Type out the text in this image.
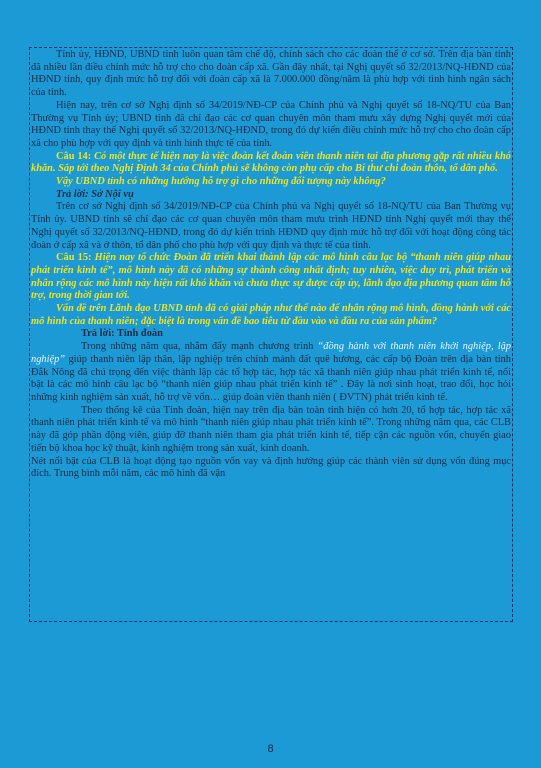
Tỉnh ủy, HĐND, UBND tỉnh luôn quan tâm chế độ, chính sách cho các đoàn thể ở cơ sở. Trên địa bàn tỉnh đã nhiều lần điều chỉnh mức hỗ trợ cho cho đoàn cấp xã. Gần đây nhất, tại Nghị quyết số 32/2013/NQ-HĐND của HĐND tỉnh, quy định mức hỗ trợ đối với đoàn cấp xã là 7.000.000 đồng/năm là phù hợp với tình hình ngân sách của tỉnh.

Hiện nay, trên cơ sở Nghị định số 34/2019/NĐ-CP của Chính phủ và Nghị quyết số 18-NQ/TU của Ban Thường vụ Tỉnh ủy; UBND tỉnh đã chỉ đạo các cơ quan chuyên môn tham mưu xây dựng Nghị quyết mới của HĐND tỉnh thay thế Nghị quyết số 32/2013/NQ-HĐND, trong đó dự kiến điều chỉnh mức hỗ trợ cho cho đoàn cấp xã cho phù hợp với quy định và tình hình thực tế của tỉnh.

Câu 14: Có một thực tế hiện nay là việc đoàn kết đoàn viên thanh niên tại địa phương gặp rất nhiều khó khăn. Sắp tới theo Nghị Định 34 của Chính phủ sẽ không còn phụ cấp cho Bí thư chi đoàn thôn, tổ dân phố.

Vậy UBND tỉnh có những hướng hỗ trợ gì cho những đối tượng này không?

Trả lời: Sở Nội vụ

Trên cơ sở Nghị định số 34/2019/NĐ-CP của Chính phủ và Nghị quyết số 18-NQ/TU của Ban Thường vụ Tỉnh ủy. UBND tỉnh sẽ chỉ đạo các cơ quan chuyên môn tham mưu trình HĐND tỉnh Nghị quyết mới thay thế Nghị quyết số 32/2013/NQ-HĐND, trong đó dự kiến trình HĐND quy định mức hỗ trợ đối với hoạt động công tác đoàn ở cấp xã và ở thôn, tổ dân phố cho phù hợp với quy định và thực tế của tỉnh.

Câu 15: Hiện nay tổ chức Đoàn đã triển khai thành lập các mô hình câu lạc bộ “thanh niên giúp nhau phát triển kinh tế”, mô hình này đã có những sự thành công nhất định; tuy nhiên, việc duy trì, phát triển và nhân rộng các mô hình này hiện rất khó khăn và chưa thực sự được cấp ủy, lãnh đạo địa phương quan tâm hỗ trợ, trong thời gian tới.

Vấn đề trên Lãnh đạo UBND tỉnh đã có giải pháp như thế nào để nhân rộng mô hình, đồng hành với các mô hình của thanh niên; đặc biệt là trong vấn đề bao tiêu từ đầu vào và đầu ra của sản phẩm?

Trả lời: Tỉnh đoàn

Trong những năm qua, nhằm đẩy mạnh chương trình “đồng hành với thanh niên khởi nghiệp, lập nghiệp” giúp thanh niên lập thân, lập nghiệp trên chính mảnh đất quê hương, các cấp bộ Đoàn trên địa bàn tỉnh Đắk Nông đã chú trọng đến việc thành lập các tổ hợp tác, hợp tác xã thanh niên giúp nhau phát triển kinh tế, nổi bật là các mô hình câu lạc bộ “thanh niên giúp nhau phát triển kinh tế” . Đây là nơi sinh hoạt, trao đổi, học hỏi những kinh nghiệm sản xuất, hỗ trợ về vốn… giúp đoàn viên thanh niên ( ĐVTN) phát triển kinh tế.

Theo thống kê của Tỉnh đoàn, hiện nay trên địa bàn toàn tỉnh hiện có hơn 20, tổ hợp tác, hợp tác xã thanh niên phát triển kinh tế và mô hình “thanh niên giúp nhau phát triển kinh tế”. Trong những năm qua, các CLB này đã góp phần động viên, giúp đỡ thanh niên tham gia phát triển kinh tế, tiếp cận các nguồn vốn, chuyển giao tiến bộ khoa học kỹ thuật, kinh nghiệm trong sản xuất, kinh doanh.

Nét nổi bật của CLB là hoạt động tạo nguồn vốn vay và định hướng giúp các thành viên sử dụng vốn đúng mục đích. Trung bình mỗi năm, các mô hình đã vận

8
